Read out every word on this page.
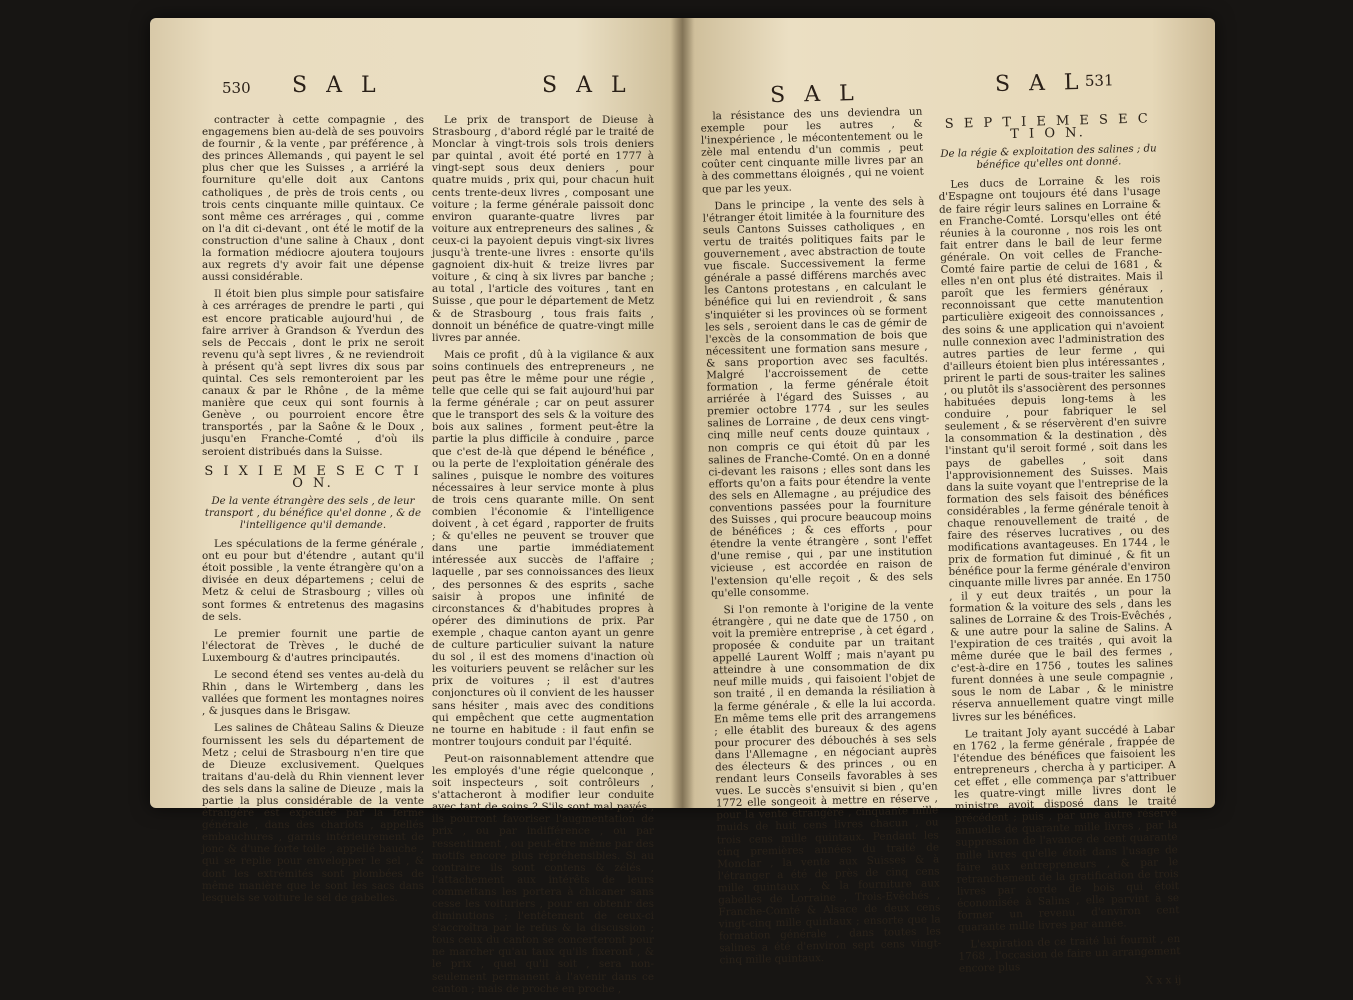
530 S A L	S A L

contracter à cette compagnie , des engagemens bien au-delà de ses pouvoirs de fournir , & la vente , par préférence , à des princes Allemands , qui payent le sel plus cher que les Suisses , a arriéré la fourniture qu'elle doit aux Cantons catholiques , de près de trois cents , ou trois cents cinquante mille quintaux. Ce sont même ces arrérages , qui , comme on l'a dit ci-devant , ont été le motif de la construction d'une saline à Chaux , dont la formation médiocre ajoutera toujours aux regrets d'y avoir fait une dépense aussi considérable.

Il étoit bien plus simple pour satisfaire à ces arrérages de prendre le parti , qui est encore praticable aujourd'hui , de faire arriver à Grandson & Yverdun des sels de Peccais , dont le prix ne seroit revenu qu'à sept livres , & ne reviendroit à présent qu'à sept livres dix sous par quintal. Ces sels remonteroient par les canaux & par le Rhône , de la même manière que ceux qui sont fournis à Genève , ou pourroient encore être transportés , par la Saône & le Doux , jusqu'en Franche-Comté , d'où ils seroient distribués dans la Suisse.

S I X I E M E S E C T I O N.

De la vente étrangère des sels , de leur transport , du bénéfice qu'el donne , & de l'intelligence qu'il demande.

Les spéculations de la ferme générale , ont eu pour but d'étendre , autant qu'il étoit possible , la vente étrangère qu'on a divisée en deux départemens ; celui de Metz & celui de Strasbourg ; villes où sont formes & entretenus des magasins de sels.

Le premier fournit une partie de l'électorat de Trèves , le duché de Luxembourg & d'autres principautés.

Le second étend ses ventes au-delà du Rhin , dans le Wirtemberg , dans les vallées que forment les montagnes noires , & jusques dans le Brisgaw.

Les salines de Château Salins & Dieuze fournissent les sels du département de Metz ; celui de Strasbourg n'en tire que de Dieuze exclusivement. Quelques traitans d'au-delà du Rhin viennent lever des sels dans la saline de Dieuze , mais la partie la plus considérable de la vente étrangère est expédiée par la ferme générale , dans des chariots , appellés embauchures , garnis intérieurement de jonc & d'une forte toile , appellé bauche , qui se replie pour envelopper le sel , & dont les extrémités sont plombées de même manière que le sont les sacs dans lesquels se voiture le sel de gabelles.

Le prix de transport de Dieuse à Strasbourg , d'abord réglé par le traité de Monclar à vingt-trois sols trois deniers par quintal , avoit été porté en 1777 à vingt-sept sous deux deniers , pour quatre muids , prix qui, pour chacun huit cents trente-deux livres , composant une voiture ; la ferme générale paissoit donc environ quarante-quatre livres par voiture aux entrepreneurs des salines , & ceux-ci la payoient depuis vingt-six livres jusqu'à trente-une livres : ensorte qu'ils gagnoient dix-huit & treize livres par voiture , & cinq à six livres par banche ; au total , l'article des voitures , tant en Suisse , que pour le département de Metz & de Strasbourg , tous frais faits , donnoit un bénéfice de quatre-vingt mille livres par année.

Mais ce profit , dû à la vigilance & aux soins continuels des entrepreneurs , ne peut pas être le même pour une régie , telle que celle qui se fait aujourd'hui par la ferme générale ; car on peut assurer que le transport des sels & la voiture des bois aux salines , forment peut-être la partie la plus difficile à conduire , parce que c'est de-là que dépend le bénéfice , ou la perte de l'exploitation générale des salines , puisque le nombre des voitures nécessaires à leur service monte à plus de trois cens quarante mille. On sent combien l'économie & l'intelligence doivent , à cet égard , rapporter de fruits ; & qu'elles ne peuvent se trouver que dans une partie immédiatement intéressée aux succès de l'affaire ; laquelle , par ses connoissances des lieux , des personnes & des esprits , sache saisir à propos une infinité de circonstances & d'habitudes propres à opérer des diminutions de prix. Par exemple , chaque canton ayant un genre de culture particulier suivant la nature du sol , il est des momens d'inaction où les voituriers peuvent se relâcher sur les prix de voitures ; il est d'autres conjonctures où il convient de les hausser sans hésiter , mais avec des conditions qui empêchent que cette augmentation ne tourne en habitude : il faut enfin se montrer toujours conduit par l'équité.

Peut-on raisonnablement attendre que les employés d'une régie quelconque , soit inspecteurs , soit contrôleurs , s'attacheront à modifier leur conduite avec tant de soins ? S'ils sont mal payés , ils pourront favoriser l'augmentation de prix , ou par indifférence , ou par ressentiment , ou peut-être même par des motifs encore plus répréhensibles. Si au contraire ils sont contens & zélés , l'attachement aux intérêts de leurs commettans les portera à chicaner sans cesse les voituriers , pour en obtenir des diminutions ; l'entêtement de ceux-ci s'accroîtra par le refus & la discussion ; tous ceux du canton se concerteront pour ne marcher qu'au taux qu'ils fixeront , & le prix , quel qu'il soit , sera non-seulement permanent à l'avenir dans ce canton ; mais de proche en proche ,

S A L	S A L 531

la résistance des uns deviendra un exemple pour les autres , & l'inexpérience , le mécontentement ou le zèle mal entendu d'un commis , peut coûter cent cinquante mille livres par an à des commettans éloignés , qui ne voient que par les yeux.

Dans le principe , la vente des sels à l'étranger étoit limitée à la fourniture des seuls Cantons Suisses catholiques , en vertu de traités politiques faits par le gouvernement , avec abstraction de toute vue fiscale. Successivement la ferme générale a passé différens marchés avec les Cantons protestans , en calculant le bénéfice qui lui en reviendroit , & sans s'inquiéter si les provinces où se forment les sels , seroient dans le cas de gémir de l'excès de la consommation de bois que nécessitent une formation sans mesure , & sans proportion avec ses facultés. Malgré l'accroissement de cette formation , la ferme générale étoit arriérée à l'égard des Suisses , au premier octobre 1774 , sur les seules salines de Lorraine , de deux cens vingt-cinq mille neuf cents douze quintaux , non compris ce qui étoit dû par les salines de Franche-Comté. On en a donné ci-devant les raisons ; elles sont dans les efforts qu'on a faits pour étendre la vente des sels en Allemagne , au préjudice des conventions passées pour la fourniture des Suisses , qui procure beaucoup moins de bénéfices ; & ces efforts , pour étendre la vente étrangère , sont l'effet d'une remise , qui , par une institution vicieuse , est accordée en raison de l'extension qu'elle reçoit , & des sels qu'elle consomme.

Si l'on remonte à l'origine de la vente étrangère , qui ne date que de 1750 , on voit la première entreprise , à cet égard , proposée & conduite par un traitant appellé Laurent Wolff ; mais n'ayant pu atteindre à une consommation de dix neuf mille muids , qui faisoient l'objet de son traité , il en demanda la résiliation à la ferme générale , & elle la lui accorda. En même tems elle prit des arrangemens ; elle établit des bureaux & des agens pour procurer des débouchés à ses sels dans l'Allemagne , en négociant auprès des électeurs & des princes , ou en rendant leurs Conseils favorables à ses vues. Le succès s'ensuivit si bien , qu'en 1772 elle songeoit à mettre en réserve , pour la vente étrangère , cinquante mille muids de huit cens livres chacun , ou trois cens mille quintaux. Pendant les cinq premières années du traité de Monclar , la vente aux Suisses & à l'étranger a été de près de cinq cens mille quintaux , & la fourniture aux gabelles de Lorraine , Trois-Evêchés , Franche-Comté & Alsace de deux cens vingt-cinq mille quintaux ; ensorte que la formation générale , dans toutes les salines a été d'environ sept cens vingt-cinq mille quintaux.

S E P T I E M E S E C T I O N.

De la régie & exploitation des salines ; du bénéfice qu'elles ont donné.

Les ducs de Lorraine & les rois d'Espagne ont toujours été dans l'usage de faire régir leurs salines en Lorraine & en Franche-Comté. Lorsqu'elles ont été réunies à la couronne , nos rois les ont fait entrer dans le bail de leur ferme générale. On voit celles de Franche-Comté faire partie de celui de 1681 , & elles n'en ont plus été distraites. Mais il paroît que les fermiers généraux , reconnoissant que cette manutention particulière exigeoit des connoissances , des soins & une application qui n'avoient nulle connexion avec l'administration des autres parties de leur ferme , qui d'ailleurs étoient bien plus intéressantes , prirent le parti de sous-traiter les salines , ou plutôt ils s'associèrent des personnes habituées depuis long-tems à les conduire , pour fabriquer le sel seulement , & se réservèrent d'en suivre la consommation & la destination , dès l'instant qu'il seroit formé , soit dans les pays de gabelles , soit dans l'approvisionnement des Suisses. Mais dans la suite voyant que l'entreprise de la formation des sels faisoit des bénéfices considérables , la ferme générale tenoit à chaque renouvellement de traité , de faire des réserves lucratives , ou des modifications avantageuses. En 1744 , le prix de formation fut diminué , & fit un bénéfice pour la ferme générale d'environ cinquante mille livres par année. En 1750 , il y eut deux traités , un pour la formation & la voiture des sels , dans les salines de Lorraine & des Trois-Evêchés , & une autre pour la saline de Salins. A l'expiration de ces traités , qui avoit la même durée que le bail des fermes , c'est-à-dire en 1756 , toutes les salines furent données à une seule compagnie , sous le nom de Labar , & le ministre réserva annuellement quatre vingt mille livres sur les bénéfices.

Le traitant Joly ayant succédé à Labar en 1762 , la ferme générale , frappée de l'étendue des bénéfices que faisoient les entrepreneurs , chercha à y participer. A cet effet , elle commença par s'attribuer les quatre-vingt mille livres dont le ministre avoit disposé dans le traité précédent ; puis , par une autre réserve annuelle de quarante mille livres , par la suppression de l'avance de cent quarante mille livres qu'elle étoit dans l'usage de faire aux entrepreneurs , & par le retranchement de la gratification de trois livres par corde de bois qui étoit économisée à Salins , elle parvint à se former un revenu d'environ cent quarante mille livres par année.

L'expiration de ce traité lui fournit , en 1768 , l'occasion de faire un arrangement encore plus

X x x ij
